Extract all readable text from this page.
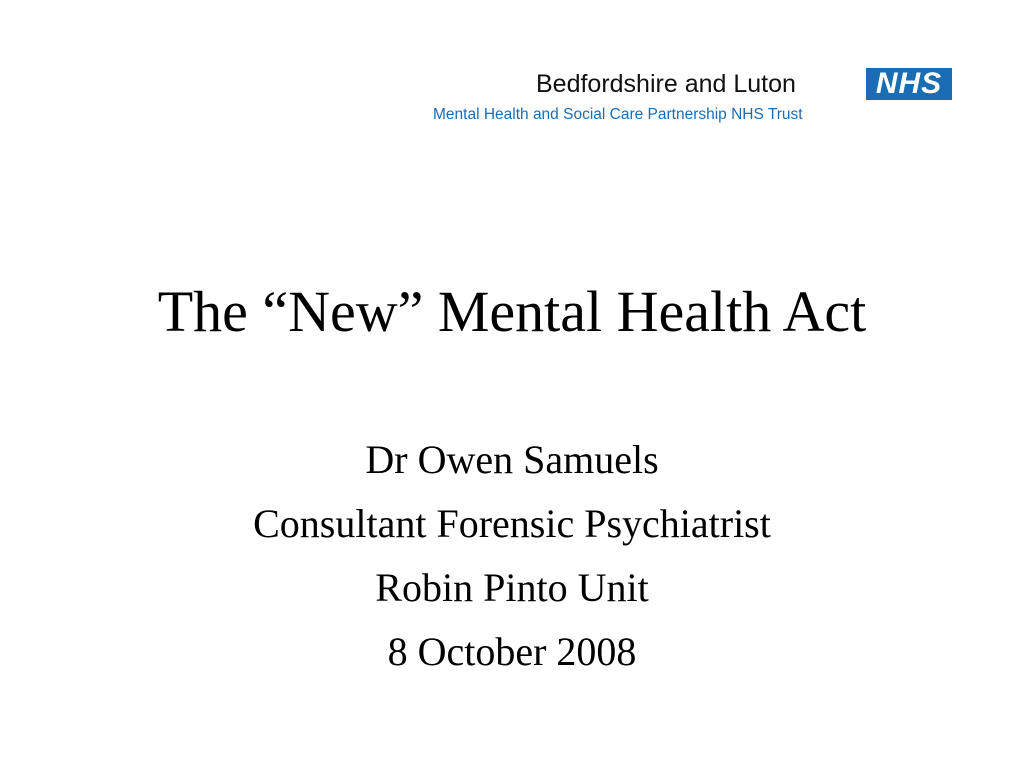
Bedfordshire and Luton
Mental Health and Social Care Partnership NHS Trust
NHS
The “New” Mental Health Act
Dr Owen Samuels
Consultant Forensic Psychiatrist
Robin Pinto Unit
8 October 2008
